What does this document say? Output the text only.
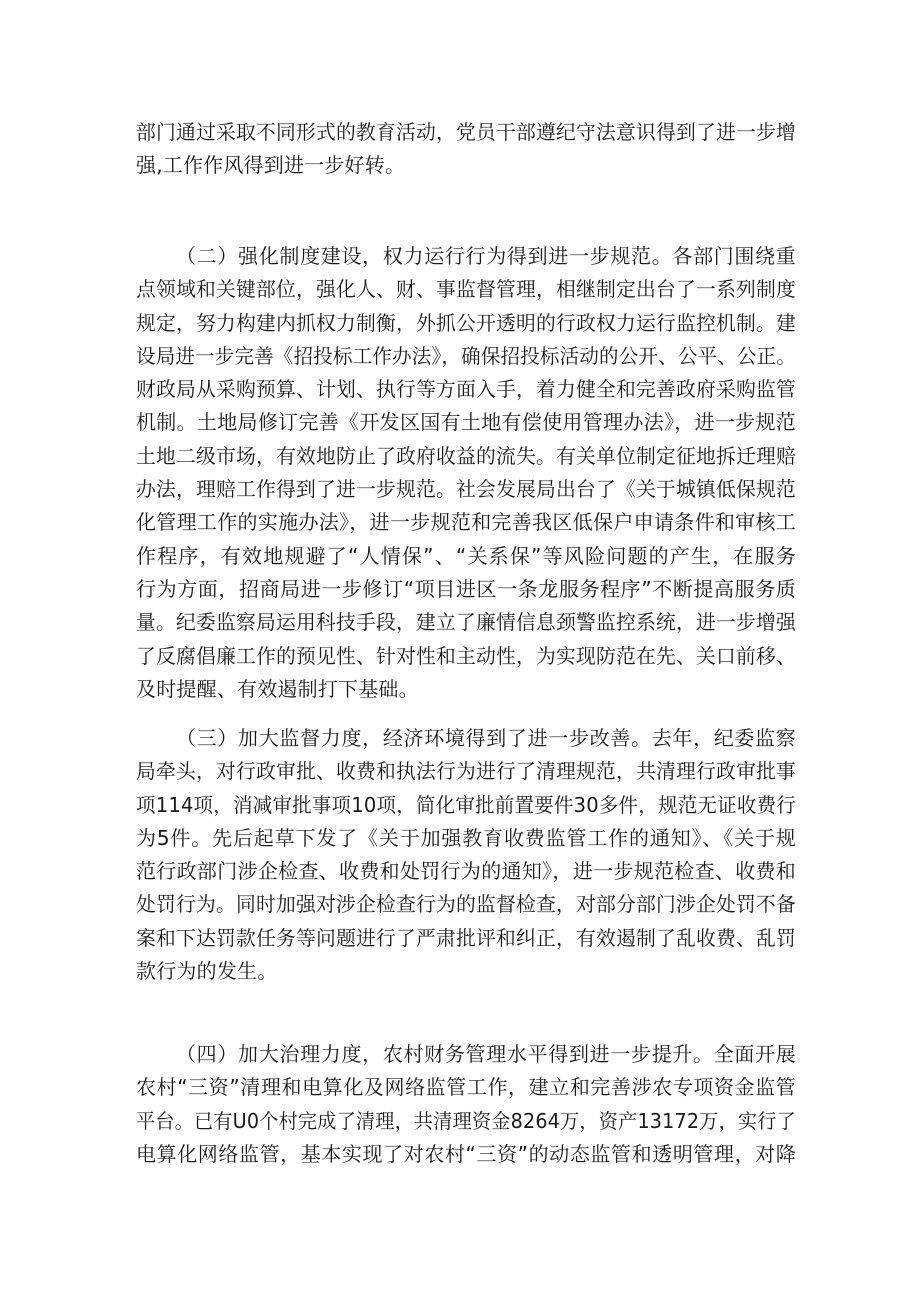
部门通过采取不同形式的教育活动，党员干部遵纪守法意识得到了进一步增
强,工作作风得到进一步好转。
（二）强化制度建设，权力运行行为得到进一步规范。各部门围绕重
点领域和关键部位，强化人、财、事监督管理，相继制定出台了一系列制度
规定，努力构建内抓权力制衡，外抓公开透明的行政权力运行监控机制。建
设局进一步完善《招投标工作办法》，确保招投标活动的公开、公平、公正。
财政局从采购预算、计划、执行等方面入手，着力健全和完善政府采购监管
机制。土地局修订完善《开发区国有土地有偿使用管理办法》，进一步规范
土地二级市场，有效地防止了政府收益的流失。有关单位制定征地拆迁理赔
办法，理赔工作得到了进一步规范。社会发展局出台了《关于城镇低保规范
化管理工作的实施办法》，进一步规范和完善我区低保户申请条件和审核工
作程序，有效地规避了“人情保”、“关系保”等风险问题的产生，在服务
行为方面，招商局进一步修订“项目进区一条龙服务程序”不断提高服务质
量。纪委监察局运用科技手段，建立了廉情信息颈警监控系统，进一步增强
了反腐倡廉工作的预见性、针对性和主动性，为实现防范在先、关口前移、
及时提醒、有效遏制打下基础。
（三）加大监督力度，经济环境得到了进一步改善。去年，纪委监察
局牵头，对行政审批、收费和执法行为进行了清理规范，共清理行政审批事
项114项，消减审批事项10项，简化审批前置要件30多件，规范无证收费行
为5件。先后起草下发了《关于加强教育收费监管工作的通知》、《关于规
范行政部门涉企检查、收费和处罚行为的通知》，进一步规范检查、收费和
处罚行为。同时加强对涉企检查行为的监督检查，对部分部门涉企处罚不备
案和下达罚款任务等问题进行了严肃批评和纠正，有效遏制了乱收费、乱罚
款行为的发生。
（四）加大治理力度，农村财务管理水平得到进一步提升。全面开展
农村“三资”清理和电算化及网络监管工作，建立和完善涉农专项资金监管
平台。已有U0个村完成了清理，共清理资金8264万，资产13172万，实行了
电算化网络监管，基本实现了对农村“三资”的动态监管和透明管理，对降
